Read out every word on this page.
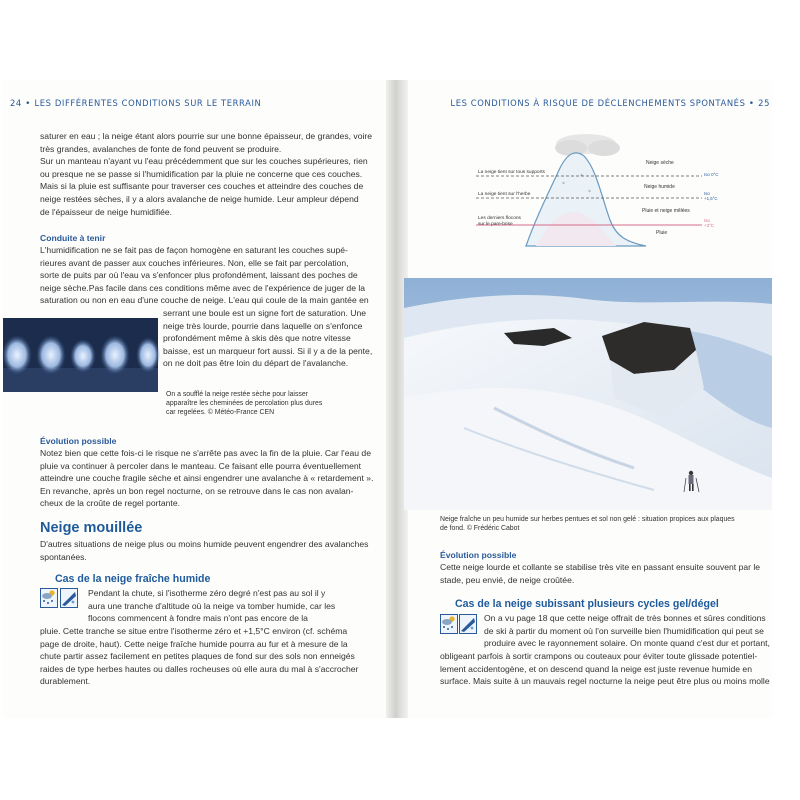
24 • LES DIFFÉRENTES CONDITIONS SUR LE TERRAIN
saturer en eau ; la neige étant alors pourrie sur une bonne épaisseur, de grandes, voire
très grandes, avalanches de fonte de fond peuvent se produire.
Sur un manteau n'ayant vu l'eau précédemment que sur les couches supérieures, rien
ou presque ne se passe si l'humidification par la pluie ne concerne que ces couches.
Mais si la pluie est suffisante pour traverser ces couches et atteindre des couches de
neige restées sèches, il y a alors avalanche de neige humide. Leur ampleur dépend
de l'épaisseur de neige humidifiée.
Conduite à tenir
L'humidification ne se fait pas de façon homogène en saturant les couches supé-
rieures avant de passer aux couches inférieures. Non, elle se fait par percolation,
sorte de puits par où l'eau va s'enfoncer plus profondément, laissant des poches de
neige sèche.Pas facile dans ces conditions même avec de l'expérience de juger de la
saturation ou non en eau d'une couche de neige. L'eau qui coule de la main gantée en
serrant une boule est un signe fort de saturation. Une
neige très lourde, pourrie dans laquelle on s'enfonce
profondément même à skis dès que notre vitesse
baisse, est un marqueur fort aussi. Si il y a de la pente,
on ne doit pas être loin du départ de l'avalanche.
On a soufflé la neige restée sèche pour laisser
apparaître les cheminées de percolation plus dures
car regelées. © Météo-France CEN
Évolution possible
Notez bien que cette fois-ci le risque ne s'arrête pas avec la fin de la pluie. Car l'eau de
pluie va continuer à percoler dans le manteau. Ce faisant elle pourra éventuellement
atteindre une couche fragile sèche et ainsi engendrer une avalanche à « retardement ».
En revanche, après un bon regel nocturne, on se retrouve dans le cas non avalan-
cheux de la croûte de regel portante.
Neige mouillée
D'autres situations de neige plus ou moins humide peuvent engendrer des avalanches
spontanées.
Cas de la neige fraîche humide
Pendant la chute, si l'isotherme zéro degré n'est pas au sol il y
aura une tranche d'altitude où la neige va tomber humide, car les
flocons commencent à fondre mais n'ont pas encore de la
pluie. Cette tranche se situe entre l'isotherme zéro et +1,5°C environ (cf. schéma
page de droite, haut). Cette neige fraîche humide pourra au fur et à mesure de la
chute partir assez facilement en petites plaques de fond sur des sols non enneigés
raides de type herbes hautes ou dalles rocheuses où elle aura du mal à s'accrocher
durablement.
LES CONDITIONS À RISQUE DE DÉCLENCHEMENTS SPONTANÉS • 25
*
*
*
La neige tient sur tous supports
La neige tient sur l'herbe
Les derniers flocons
sur le pare-brise
Neige sèche
Neige humide
Pluie et neige mêlées
Pluie
Iso 0°C
Iso
+1,5°C
Iso
+3°C
Neige fraîche un peu humide sur herbes pentues et sol non gelé : situation propices aux plaques
de fond. © Frédéric Cabot
Évolution possible
Cette neige lourde et collante se stabilise très vite en passant ensuite souvent par le
stade, peu envié, de neige croûtée.
Cas de la neige subissant plusieurs cycles gel/dégel
On a vu page 18 que cette neige offrait de très bonnes et sûres conditions
de ski à partir du moment où l'on surveille bien l'humidification qui peut se
produire avec le rayonnement solaire. On monte quand c'est dur et portant,
obligeant parfois à sortir crampons ou couteaux pour éviter toute glissade potentiel-
lement accidentogène, et on descend quand la neige est juste revenue humide en
surface. Mais suite à un mauvais regel nocturne la neige peut être plus ou moins molle
